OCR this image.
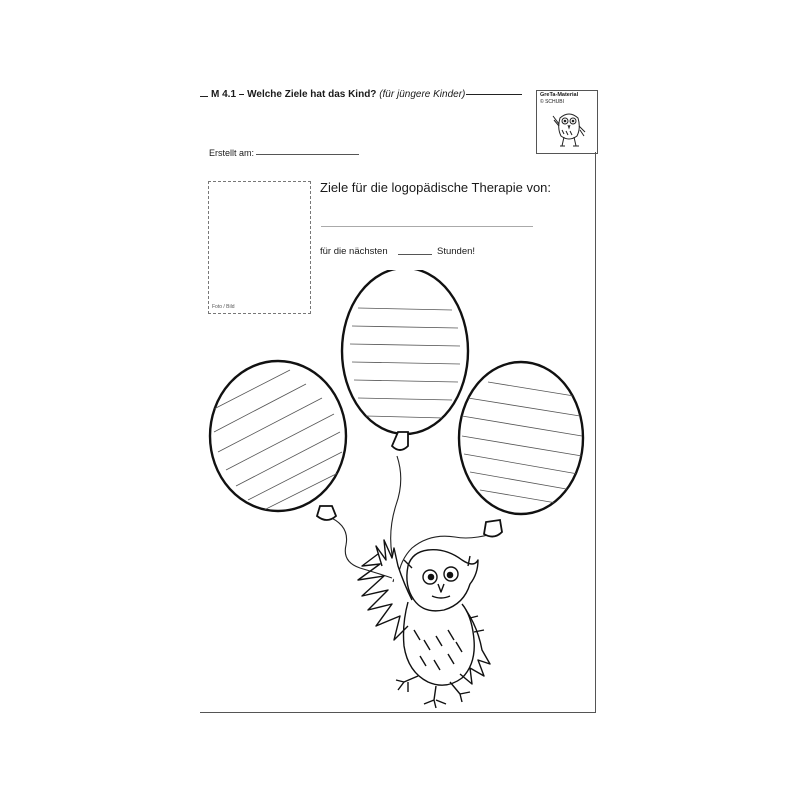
M 4.1 – Welche Ziele hat das Kind? (für jüngere Kinder)	GreTa-Material
© SCHUBI
Erstellt am:
Foto / Bild
Ziele für die logopädische Therapie von:
für die nächsten	Stunden!
